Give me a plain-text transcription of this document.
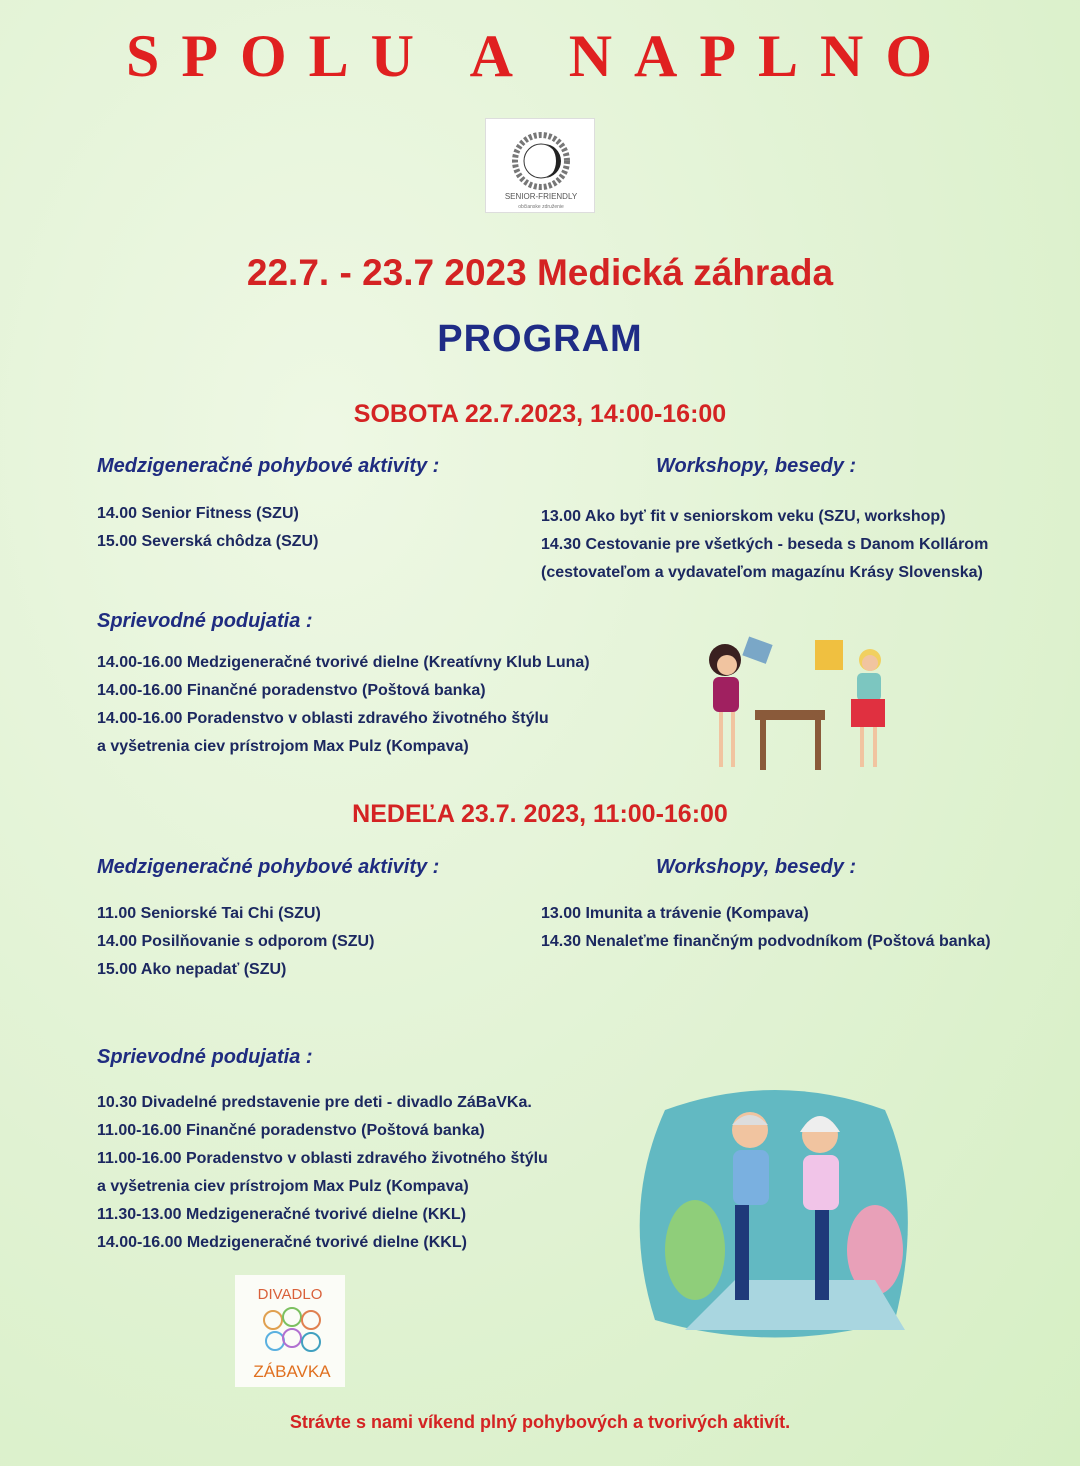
SPOLU A NAPLNO
SENIOR-FRIENDLY
občianske združenie
22.7. - 23.7 2023 Medická záhrada
PROGRAM
SOBOTA 22.7.2023, 14:00-16:00
Medzigeneračné pohybové aktivity :	Workshopy, besedy :
14.00 Senior Fitness (SZU)
15.00 Severská chôdza (SZU)
13.00 Ako byť fit v seniorskom veku (SZU, workshop)
14.30 Cestovanie pre všetkých - beseda s Danom Kollárom
(cestovateľom a vydavateľom magazínu Krásy Slovenska)
Sprievodné podujatia :
14.00-16.00 Medzigeneračné tvorivé dielne (Kreatívny Klub Luna)
14.00-16.00 Finančné poradenstvo (Poštová banka)
14.00-16.00 Poradenstvo v oblasti zdravého životného štýlu
a vyšetrenia ciev prístrojom Max Pulz (Kompava)
NEDEĽA 23.7. 2023, 11:00-16:00
Medzigeneračné pohybové aktivity :	Workshopy, besedy :
11.00 Seniorské Tai Chi (SZU)
14.00 Posilňovanie s odporom (SZU)
15.00 Ako nepadať (SZU)
13.00 Imunita a trávenie (Kompava)
14.30 Nenaleťme finančným podvodníkom (Poštová banka)
Sprievodné podujatia :
10.30 Divadelné predstavenie pre deti - divadlo ZáBaVKa.
11.00-16.00 Finančné poradenstvo (Poštová banka)
11.00-16.00 Poradenstvo v oblasti zdravého životného štýlu
a vyšetrenia ciev prístrojom Max Pulz (Kompava)
11.30-13.00 Medzigeneračné tvorivé dielne (KKL)
14.00-16.00 Medzigeneračné tvorivé dielne (KKL)
DIVADLO
ZÁBAVKA
Strávte s nami víkend plný pohybových a tvorivých aktivít.
